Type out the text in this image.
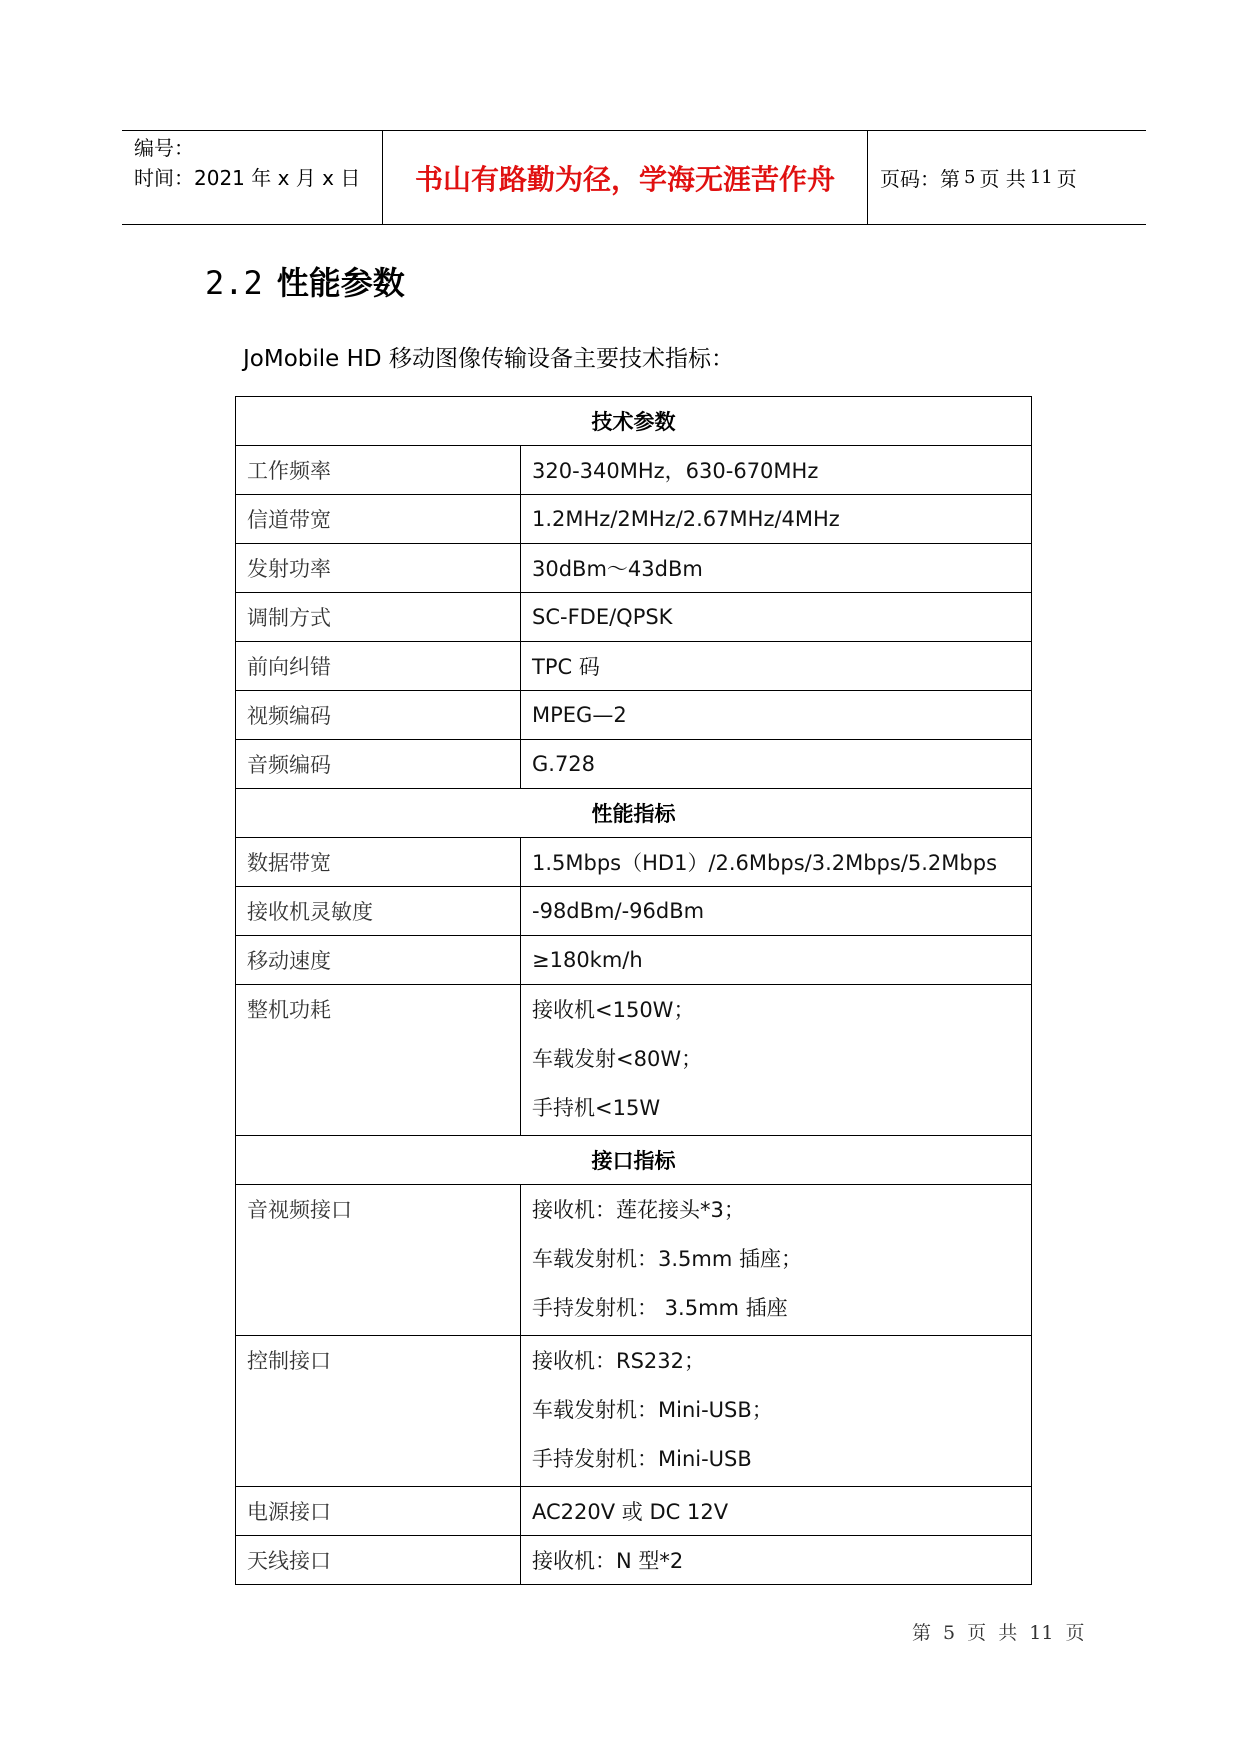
编号：
时间：2021 年 x 月 x 日	书山有路勤为径，学海无涯苦作舟	页码：第 5 页 共 11 页
2.2 性能参数
JoMobile HD 移动图像传输设备主要技术指标：
技术参数	
工作频率	320-340MHz，630-670MHz
信道带宽	1.2MHz/2MHz/2.67MHz/4MHz
发射功率	30dBm～43dBm
调制方式	SC-FDE/QPSK
前向纠错	TPC 码
视频编码	MPEG—2
音频编码	G.728
性能指标	
数据带宽	1.5Mbps（HD1）/2.6Mbps/3.2Mbps/5.2Mbps
接收机灵敏度	-98dBm/-96dBm
移动速度	≥180km/h

整机功耗	接收机<150W；
车载发射<80W；
手持机<15W

接口指标	

音视频接口	接收机：莲花接头*3；
车载发射机：3.5mm 插座；
手持发射机： 3.5mm 插座

控制接口	接收机：RS232；
车载发射机：Mini-USB；
手持发射机：Mini-USB

电源接口	AC220V 或 DC 12V
天线接口	接收机：N 型*2
第 5 页 共 11 页
